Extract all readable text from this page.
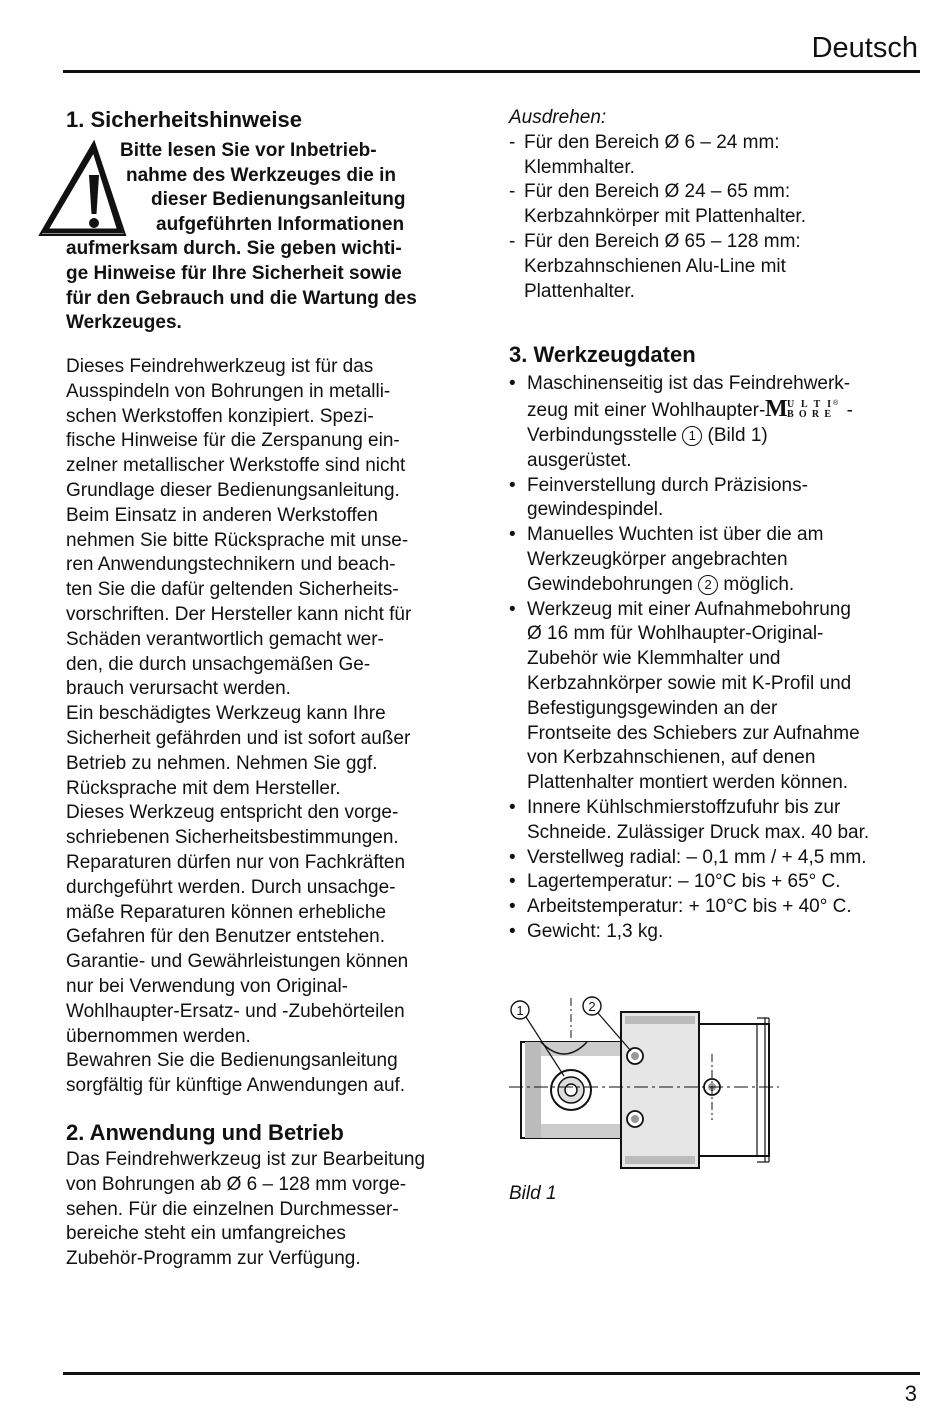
Deutsch
1. Sicherheitshinweise
Bitte lesen Sie vor Inbetrieb-
nahme des Werkzeuges die in
dieser Bedienungsanleitung
aufgeführten Informationen
aufmerksam durch. Sie geben wichti-
ge Hinweise für Ihre Sicherheit sowie
für den Gebrauch und die Wartung des
Werkzeuges.

Dieses Feindrehwerkzeug ist für das
Ausspindeln von Bohrungen in metalli-
schen Werkstoffen konzipiert. Spezi-
fische Hinweise für die Zerspanung ein-
zelner metallischer Werkstoffe sind nicht
Grundlage dieser Bedienungsanleitung.
Beim Einsatz in anderen Werkstoffen
nehmen Sie bitte Rücksprache mit unse-
ren Anwendungstechnikern und beach-
ten Sie die dafür geltenden Sicherheits-
vorschriften. Der Hersteller kann nicht für
Schäden verantwortlich gemacht wer-
den, die durch unsachgemäßen Ge-
brauch verursacht werden.
Ein beschädigtes Werkzeug kann Ihre
Sicherheit gefährden und ist sofort außer
Betrieb zu nehmen. Nehmen Sie ggf.
Rücksprache mit dem Hersteller.
Dieses Werkzeug entspricht den vorge-
schriebenen Sicherheitsbestimmungen.
Reparaturen dürfen nur von Fachkräften
durchgeführt werden. Durch unsachge-
mäße Reparaturen können erhebliche
Gefahren für den Benutzer entstehen.
Garantie- und Gewährleistungen können
nur bei Verwendung von Original-
Wohlhaupter-Ersatz- und -Zubehörteilen
übernommen werden.
Bewahren Sie die Bedienungsanleitung
sorgfältig für künftige Anwendungen auf.

2. Anwendung und Betrieb

Das Feindrehwerkzeug ist zur Bearbeitung
von Bohrungen ab Ø 6 – 128 mm vorge-
sehen. Für die einzelnen Durchmesser-
bereiche steht ein umfangreiches
Zubehör-Programm zur Verfügung.

Ausdrehen:

- Für den Bereich Ø 6 – 24 mm:
Klemmhalter.
- Für den Bereich Ø 24 – 65 mm:
Kerbzahnkörper mit Plattenhalter.
- Für den Bereich Ø 65 – 128 mm:
Kerbzahnschienen Alu-Line mit
Plattenhalter.
3. Werkzeugdaten
• Maschinenseitig ist das Feindrehwerk-
zeug mit einer Wohlhaupter- M ULTI
BORE
® -
Verbindungsstelle 1 (Bild 1)
ausgerüstet.
• Feinverstellung durch Präzisions-
gewindespindel.
• Manuelles Wuchten ist über die am
Werkzeugkörper angebrachten
Gewindebohrungen 2 möglich.
• Werkzeug mit einer Aufnahmebohrung
Ø 16 mm für Wohlhaupter-Original-
Zubehör wie Klemmhalter und
Kerbzahnkörper sowie mit K-Profil und
Befestigungsgewinden an der
Frontseite des Schiebers zur Aufnahme
von Kerbzahnschienen, auf denen
Plattenhalter montiert werden können.
• Innere Kühlschmierstoffzufuhr bis zur
Schneide. Zulässiger Druck max. 40 bar.
• Verstellweg radial: – 0,1 mm / + 4,5 mm.
• Lagertemperatur: – 10°C bis + 65° C.
• Arbeitstemperatur: + 10°C bis + 40° C.
• Gewicht: 1,3 kg.
1	2
Bild 1
3
